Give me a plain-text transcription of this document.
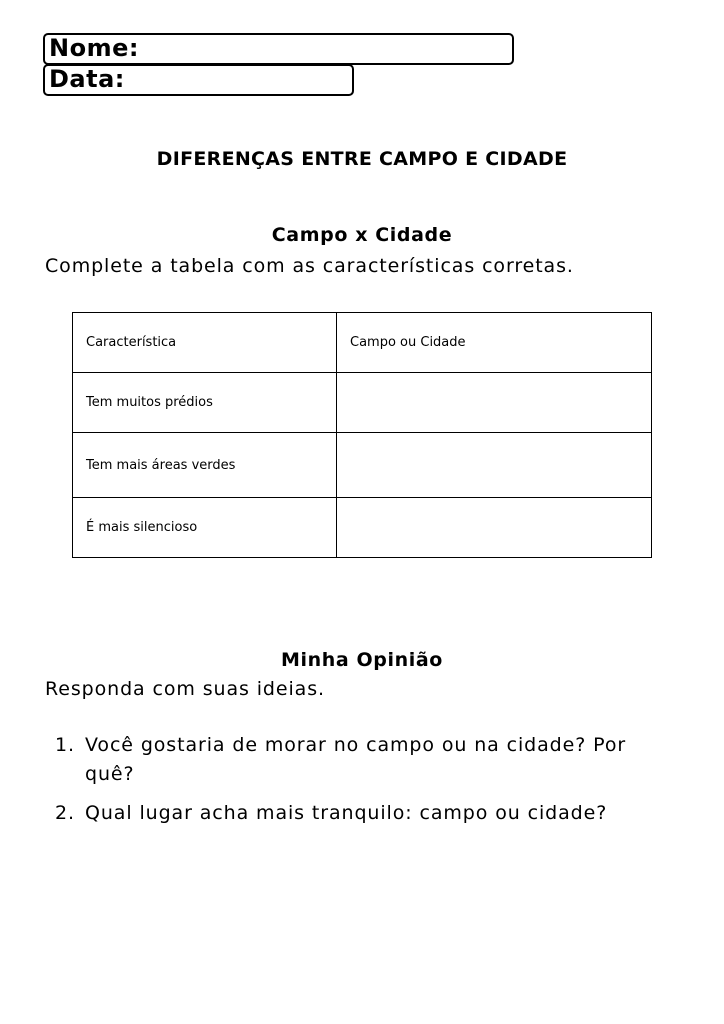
Nome:
Data:
DIFERENÇAS ENTRE CAMPO E CIDADE
Campo x Cidade
Complete a tabela com as características corretas.
Característica	Campo ou Cidade
Tem muitos prédios	
Tem mais áreas verdes	
É mais silencioso	
Minha Opinião
Responda com suas ideias.
1. Você gostaria de morar no campo ou na cidade? Por quê?
2. Qual lugar acha mais tranquilo: campo ou cidade?
